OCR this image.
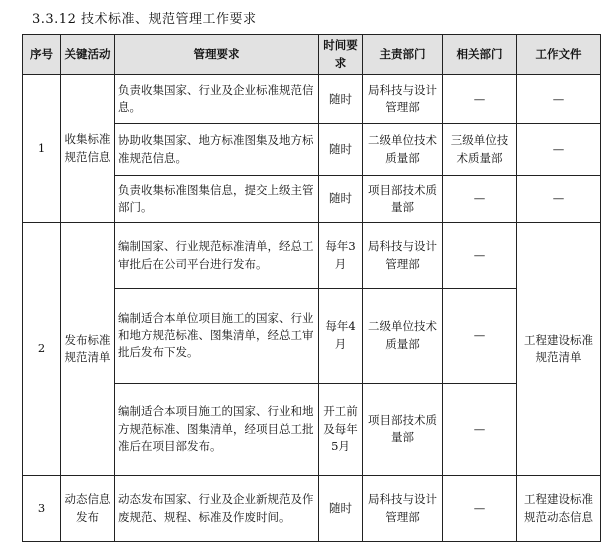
3.3.12 技术标准、规范管理工作要求
序号	关键活动	管理要求	时间要求	主责部门	相关部门	工作文件
1	收集标准规范信息	负责收集国家、行业及企业标准规范信息。	随时	局科技与设计管理部	—	—
		协助收集国家、地方标准图集及地方标准规范信息。	随时	二级单位技术质量部	三级单位技术质量部	—
		负责收集标准图集信息，提交上级主管部门。	随时	项目部技术质量部	—	—
2	发布标准规范清单	编制国家、行业规范标准清单，经总工审批后在公司平台进行发布。	每年3月	局科技与设计管理部	—	工程建设标准规范清单
		编制适合本单位项目施工的国家、行业和地方规范标准、图集清单，经总工审批后发布下发。	每年4月	二级单位技术质量部	—	
		编制适合本项目施工的国家、行业和地方规范标准、图集清单，经项目总工批准后在项目部发布。	开工前及每年5月	项目部技术质量部	—	
3	动态信息发布	动态发布国家、行业及企业新规范及作废规范、规程、标准及作废时间。	随时	局科技与设计管理部	—	工程建设标准规范动态信息
